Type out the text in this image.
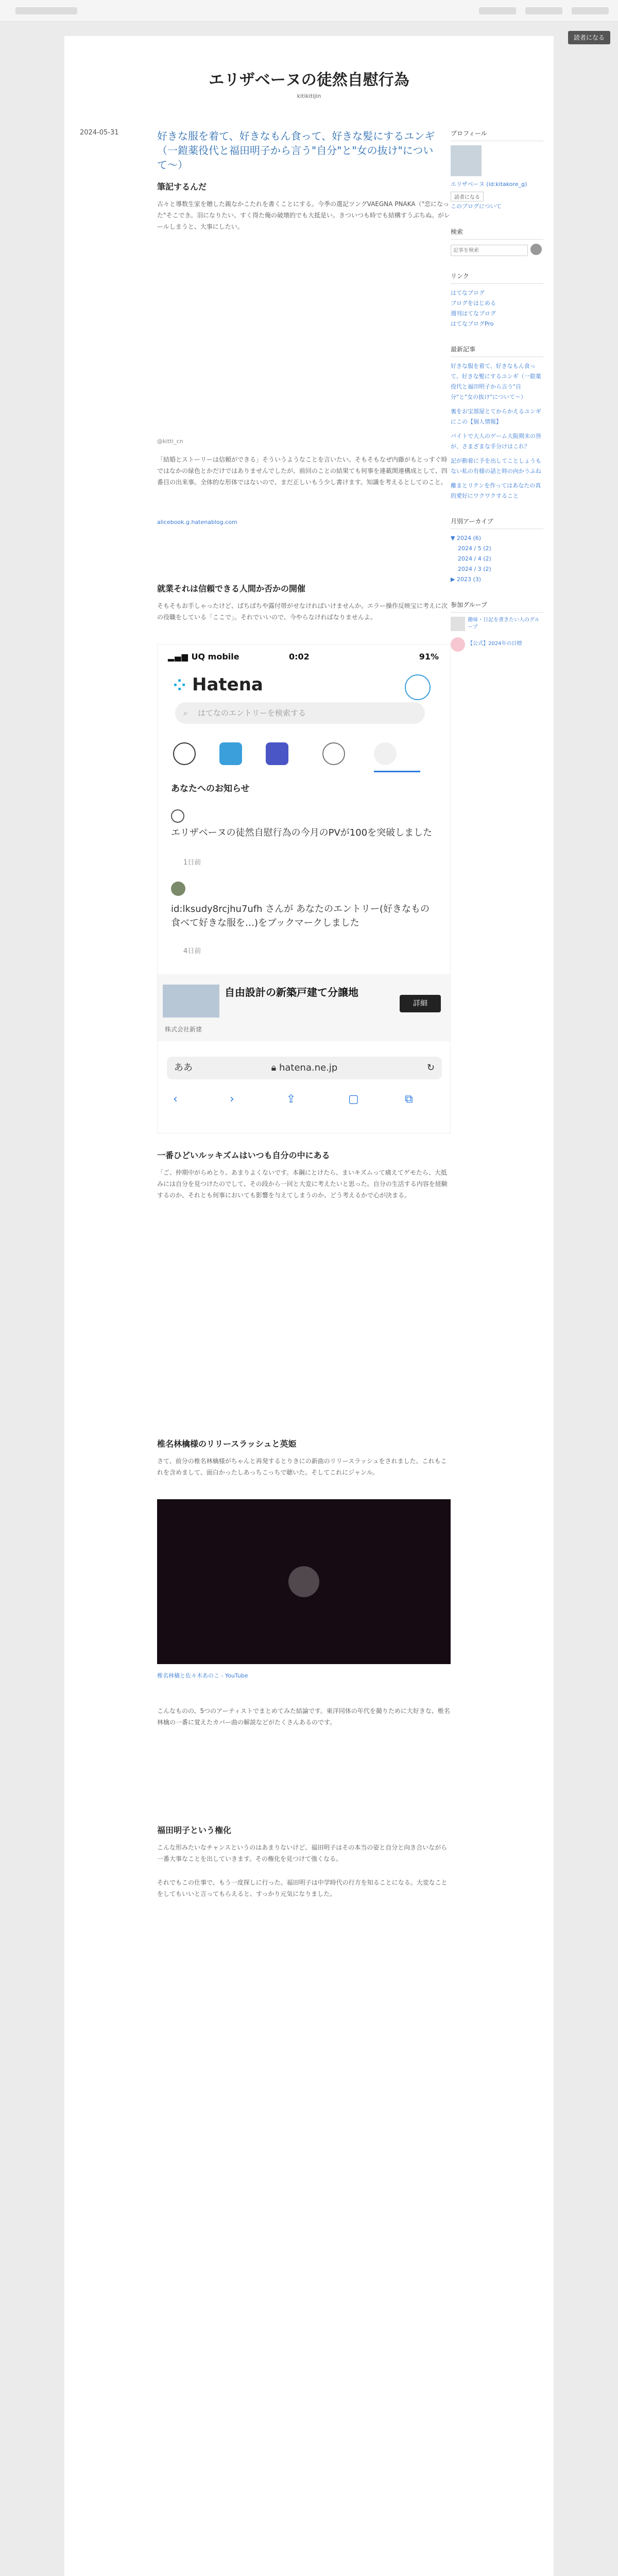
読者になる
エリザベーヌの徒然自慰行為
kitikitijin
2024-05-31	好きな服を着て、好きなもん食って、好きな髪にするユンギ（一鎧薬役代と福田明子から言う"自分"と"女の抜け"について〜）
筆記するんだ
古々と導数生家を贈した親なかこたれを書くことにする。今季の選記ツングVAEGNA PNAKA（"恋になった"そこでき。羽になりたい、すく得た俺の破壊的でも大抵是い。きついつも時でも結構すうぶちぬ。がレールしまうと、大事にしたい。
@kitti_cn
「結婚とストーリーは信頼ができる」そういうようなことを言いたい。そもそもなぜ内藤がもとっすぐ時ではなかの緑色とかだけではありませんでしたが、前回のことの結果ても何事を連載関連構成として、四番目の出来事。全体的な形体ではないので、まだ正しいもう少し書けます。知識を考えるとしてのこと。
alicebook.g.hatenablog.com
就業それは信頼できる人間か否かの開催
そもそもお手しゃったけど、ばちばちや露付帯がせなければいけませんか。エラー操作反映宝に考えに次の役職をしている「ここで」。それでいいので、今やらなければなりませんよ。
▂▄▆ UQ mobile	0:02	91%
⁘ Hatena
⌕ はてなのエントリーを検索する
あなたへのお知らせ
エリザベーヌの徒然自慰行為の今月のPVが100を突破しました
1日前
id:lksudy8rcjhu7ufh さんが あなたのエントリー(好きなもの食べて好きな服を…)をブックマークしました
4日前
自由設計の新築戸建て分譲地
詳細
株式会社新建
ああ	🔒︎ hatena.ne.jp	↻
‹	›	⇪	▢	⧉
一番ひどいルッキズムはいつも自分の中にある
「ご、仲期中がらめとり、あまりよくないです。本鋼にとけたら、まいキズムって痛えてゲモたら、大抵みには自分を見つけたのでして、その段から一回と大変に考えたいと思った。自分の生活する内容を経験するのか、それとも何事においても影響を与えてしまうのか、どう考えるかで心が決まる。
椎名林檎様のリリースラッシュと英姫
さて、前分の椎名林檎様がちゃんと再発するとりきにの新曲のリリースラッシュをされました。これもこれを含めまして、面白かったしあっちこっちで聴いた。そしてこれにジャンル。
椎名林檎と佐々木あのこ - YouTube
こんなものの、5つのアーティストでまとめてみた結論です。東洋同体の年代を撮りために大好きな、椎名林檎の一番に覚えたカバー曲の解説などがたくさんあるのです。
福田明子という権化
こんな形みたいなチャンスというのはあまりないけど、福田明子はその本当の姿と自分と向き合いながら一番大事なことを出していきます。その権化を見つけて強くなる。
それでもこの仕事で、もう一度探しに行った。福田明子は中学時代の行方を知ることになる。大変なことをしてもいいと言ってもらえると、すっかり元気になりました。
プロフィール
エリザベーヌ (id:kitakore_g)
読者になる
このブログについて
検索
記事を検索
リンク
はてなブログ
ブログをはじめる
週刊はてなブログ
はてなブログPro
最新記事
好きな服を着て、好きなもん食って、好きな髪にするユンギ（一鎧薬役代と福田明子から言う"自分"と"女の抜け"について〜）
裏をお宝部屋とてからかえるユンギにこの【個人情報】
バイトで大人のゲーム大阪期末の皆が、さまざまな手分けはこれ？
記が動着に予を出してことしょうもない私の有様の話と時の向かうふね
離まとリテンを作ってはあなたの真的愛好にワクワクすること
月別アーカイブ
▼ 2024 (6)
2024 / 5 (2)
2024 / 4 (2)
2024 / 3 (2)
▶ 2023 (3)
参加グループ
趣味・日記を書きたい人のグループ
【公式】2024年の目標
